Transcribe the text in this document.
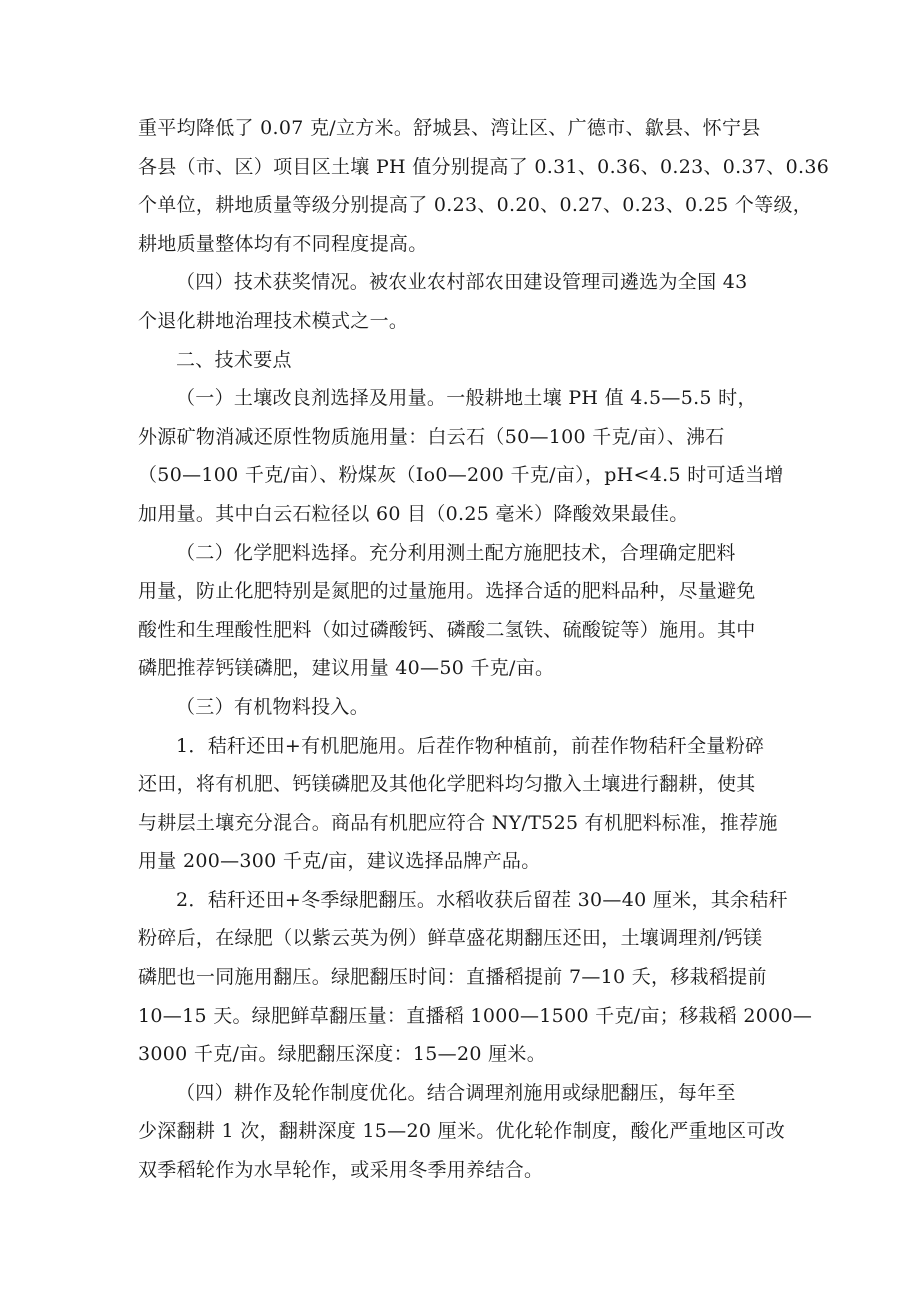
重平均降低了 0.07 克/立方米。舒城县、湾让区、广德市、歙县、怀宁县
各县（市、区）项目区土壤 PH 值分别提高了 0.31、0.36、0.23、0.37、0.36
个单位，耕地质量等级分别提高了 0.23、0.20、0.27、0.23、0.25 个等级，
耕地质量整体均有不同程度提高。
（四）技术获奖情况。被农业农村部农田建设管理司遴选为全国 43
个退化耕地治理技术模式之一。
二、技术要点
（一）土壤改良剂选择及用量。一般耕地土壤 PH 值 4.5—5.5 时，
外源矿物消减还原性物质施用量：白云石（50—100 千克/亩）、沸石
（50—100 千克/亩）、粉煤灰（Io0—200 千克/亩），pH<4.5 时可适当增
加用量。其中白云石粒径以 60 目（0.25 毫米）降酸效果最佳。
（二）化学肥料选择。充分利用测土配方施肥技术，合理确定肥料
用量，防止化肥特别是氮肥的过量施用。选择合适的肥料品种，尽量避免
酸性和生理酸性肥料（如过磷酸钙、磷酸二氢铁、硫酸锭等）施用。其中
磷肥推荐钙镁磷肥，建议用量 40—50 千克/亩。
（三）有机物料投入。
1．秸秆还田+有机肥施用。后茬作物种植前，前茬作物秸秆全量粉碎
还田，将有机肥、钙镁磷肥及其他化学肥料均匀撒入土壤进行翻耕，使其
与耕层土壤充分混合。商品有机肥应符合 NY/T525 有机肥料标准，推荐施
用量 200—300 千克/亩，建议选择品牌产品。
2．秸秆还田+冬季绿肥翻压。水稻收获后留茬 30—40 厘米，其余秸秆
粉碎后，在绿肥（以紫云英为例）鲜草盛花期翻压还田，土壤调理剂/钙镁
磷肥也一同施用翻压。绿肥翻压时间：直播稻提前 7—10 夭，移栽稻提前
10—15 天。绿肥鲜草翻压量：直播稻 1000—1500 千克/亩；移栽稻 2000—
3000 千克/亩。绿肥翻压深度：15—20 厘米。
（四）耕作及轮作制度优化。结合调理剂施用或绿肥翻压，每年至
少深翻耕 1 次，翻耕深度 15—20 厘米。优化轮作制度，酸化严重地区可改
双季稻轮作为水旱轮作，或采用冬季用养结合。
